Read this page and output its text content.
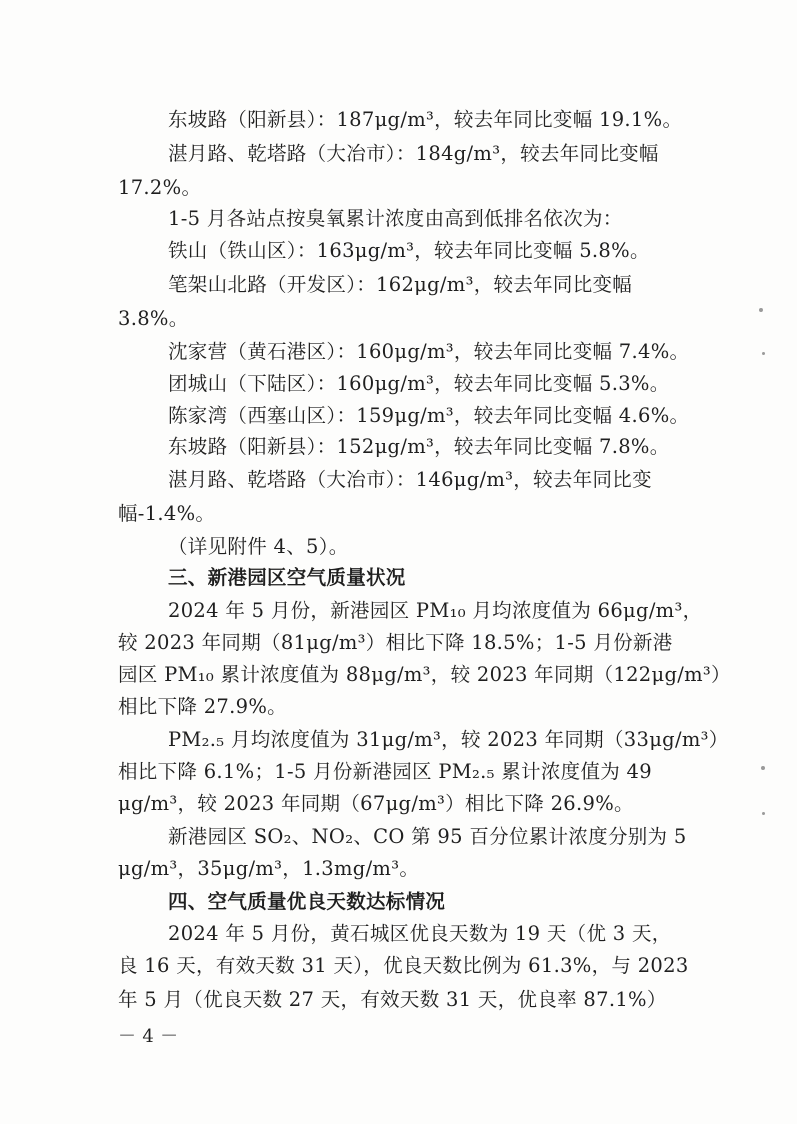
东坡路（阳新县）：187μg/m³，较去年同比变幅 19.1%。
湛月路、乾塔路（大冶市）：184g/m³，较去年同比变幅
17.2%。
1-5 月各站点按臭氧累计浓度由高到低排名依次为：
铁山（铁山区）：163μg/m³，较去年同比变幅 5.8%。
笔架山北路（开发区）：162μg/m³，较去年同比变幅
3.8%。
沈家营（黄石港区）：160μg/m³，较去年同比变幅 7.4%。
团城山（下陆区）：160μg/m³，较去年同比变幅 5.3%。
陈家湾（西塞山区）：159μg/m³，较去年同比变幅 4.6%。
东坡路（阳新县）：152μg/m³，较去年同比变幅 7.8%。
湛月路、乾塔路（大冶市）：146μg/m³，较去年同比变
幅-1.4%。
（详见附件 4、5）。
三、新港园区空气质量状况
2024 年 5 月份，新港园区 PM₁₀ 月均浓度值为 66μg/m³，
较 2023 年同期（81μg/m³）相比下降 18.5%；1-5 月份新港
园区 PM₁₀ 累计浓度值为 88μg/m³，较 2023 年同期（122μg/m³）
相比下降 27.9%。
PM₂.₅ 月均浓度值为 31μg/m³，较 2023 年同期（33μg/m³）
相比下降 6.1%；1-5 月份新港园区 PM₂.₅ 累计浓度值为 49
μg/m³，较 2023 年同期（67μg/m³）相比下降 26.9%。
新港园区 SO₂、NO₂、CO 第 95 百分位累计浓度分别为 5
μg/m³，35μg/m³，1.3mg/m³。
四、空气质量优良天数达标情况
2024 年 5 月份，黄石城区优良天数为 19 天（优 3 天，
良 16 天，有效天数 31 天），优良天数比例为 61.3%，与 2023
年 5 月（优良天数 27 天，有效天数 31 天，优良率 87.1%）
－ 4 －
